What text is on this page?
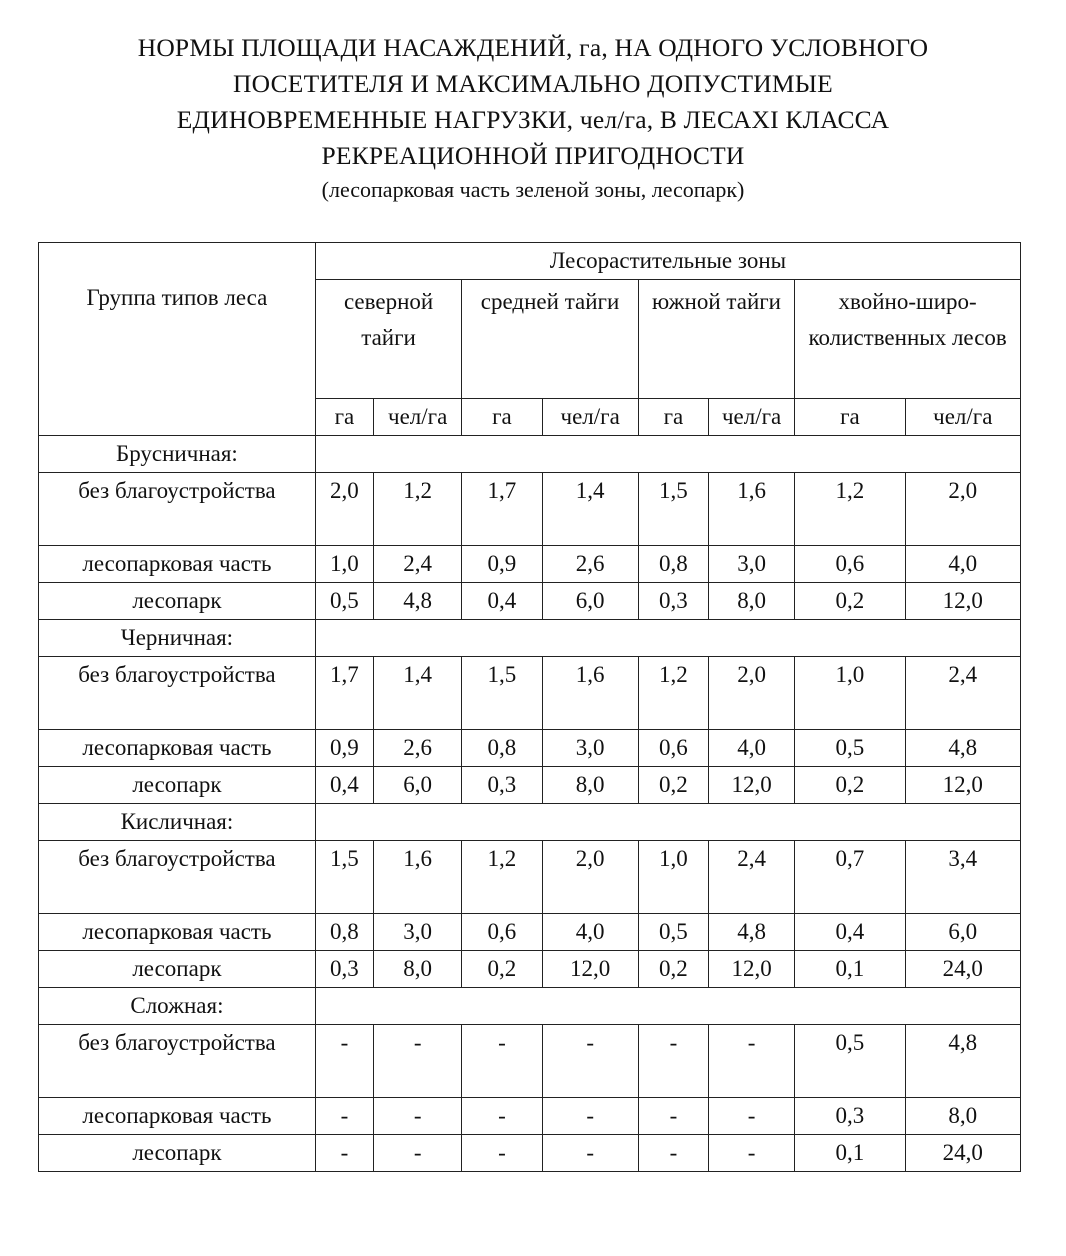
НОРМЫ ПЛОЩАДИ НАСАЖДЕНИЙ, га, НА ОДНОГО УСЛОВНОГО
ПОСЕТИТЕЛЯ И МАКСИМАЛЬНО ДОПУСТИМЫЕ
ЕДИНОВРЕМЕННЫЕ НАГРУЗКИ, чел/га, В ЛЕСАХI КЛАССА
РЕКРЕАЦИОННОЙ ПРИГОДНОСТИ
(лесопарковая часть зеленой зоны, лесопарк)
Группа типов леса	Лесорастительные зоны							
	северной тайги		средней тайги		южной тайги		хвойно-широ-колиственных лесов	
	га	чел/га	га	чел/га	га	чел/га	га	чел/га
Брусничная:								
без благоустройства	2,0	1,2	1,7	1,4	1,5	1,6	1,2	2,0
лесопарковая часть	1,0	2,4	0,9	2,6	0,8	3,0	0,6	4,0
лесопарк	0,5	4,8	0,4	6,0	0,3	8,0	0,2	12,0
Черничная:								
без благоустройства	1,7	1,4	1,5	1,6	1,2	2,0	1,0	2,4
лесопарковая часть	0,9	2,6	0,8	3,0	0,6	4,0	0,5	4,8
лесопарк	0,4	6,0	0,3	8,0	0,2	12,0	0,2	12,0
Кисличная:								
без благоустройства	1,5	1,6	1,2	2,0	1,0	2,4	0,7	3,4
лесопарковая часть	0,8	3,0	0,6	4,0	0,5	4,8	0,4	6,0
лесопарк	0,3	8,0	0,2	12,0	0,2	12,0	0,1	24,0
Сложная:								
без благоустройства	-	-	-	-	-	-	0,5	4,8
лесопарковая часть	-	-	-	-	-	-	0,3	8,0
лесопарк	-	-	-	-	-	-	0,1	24,0
